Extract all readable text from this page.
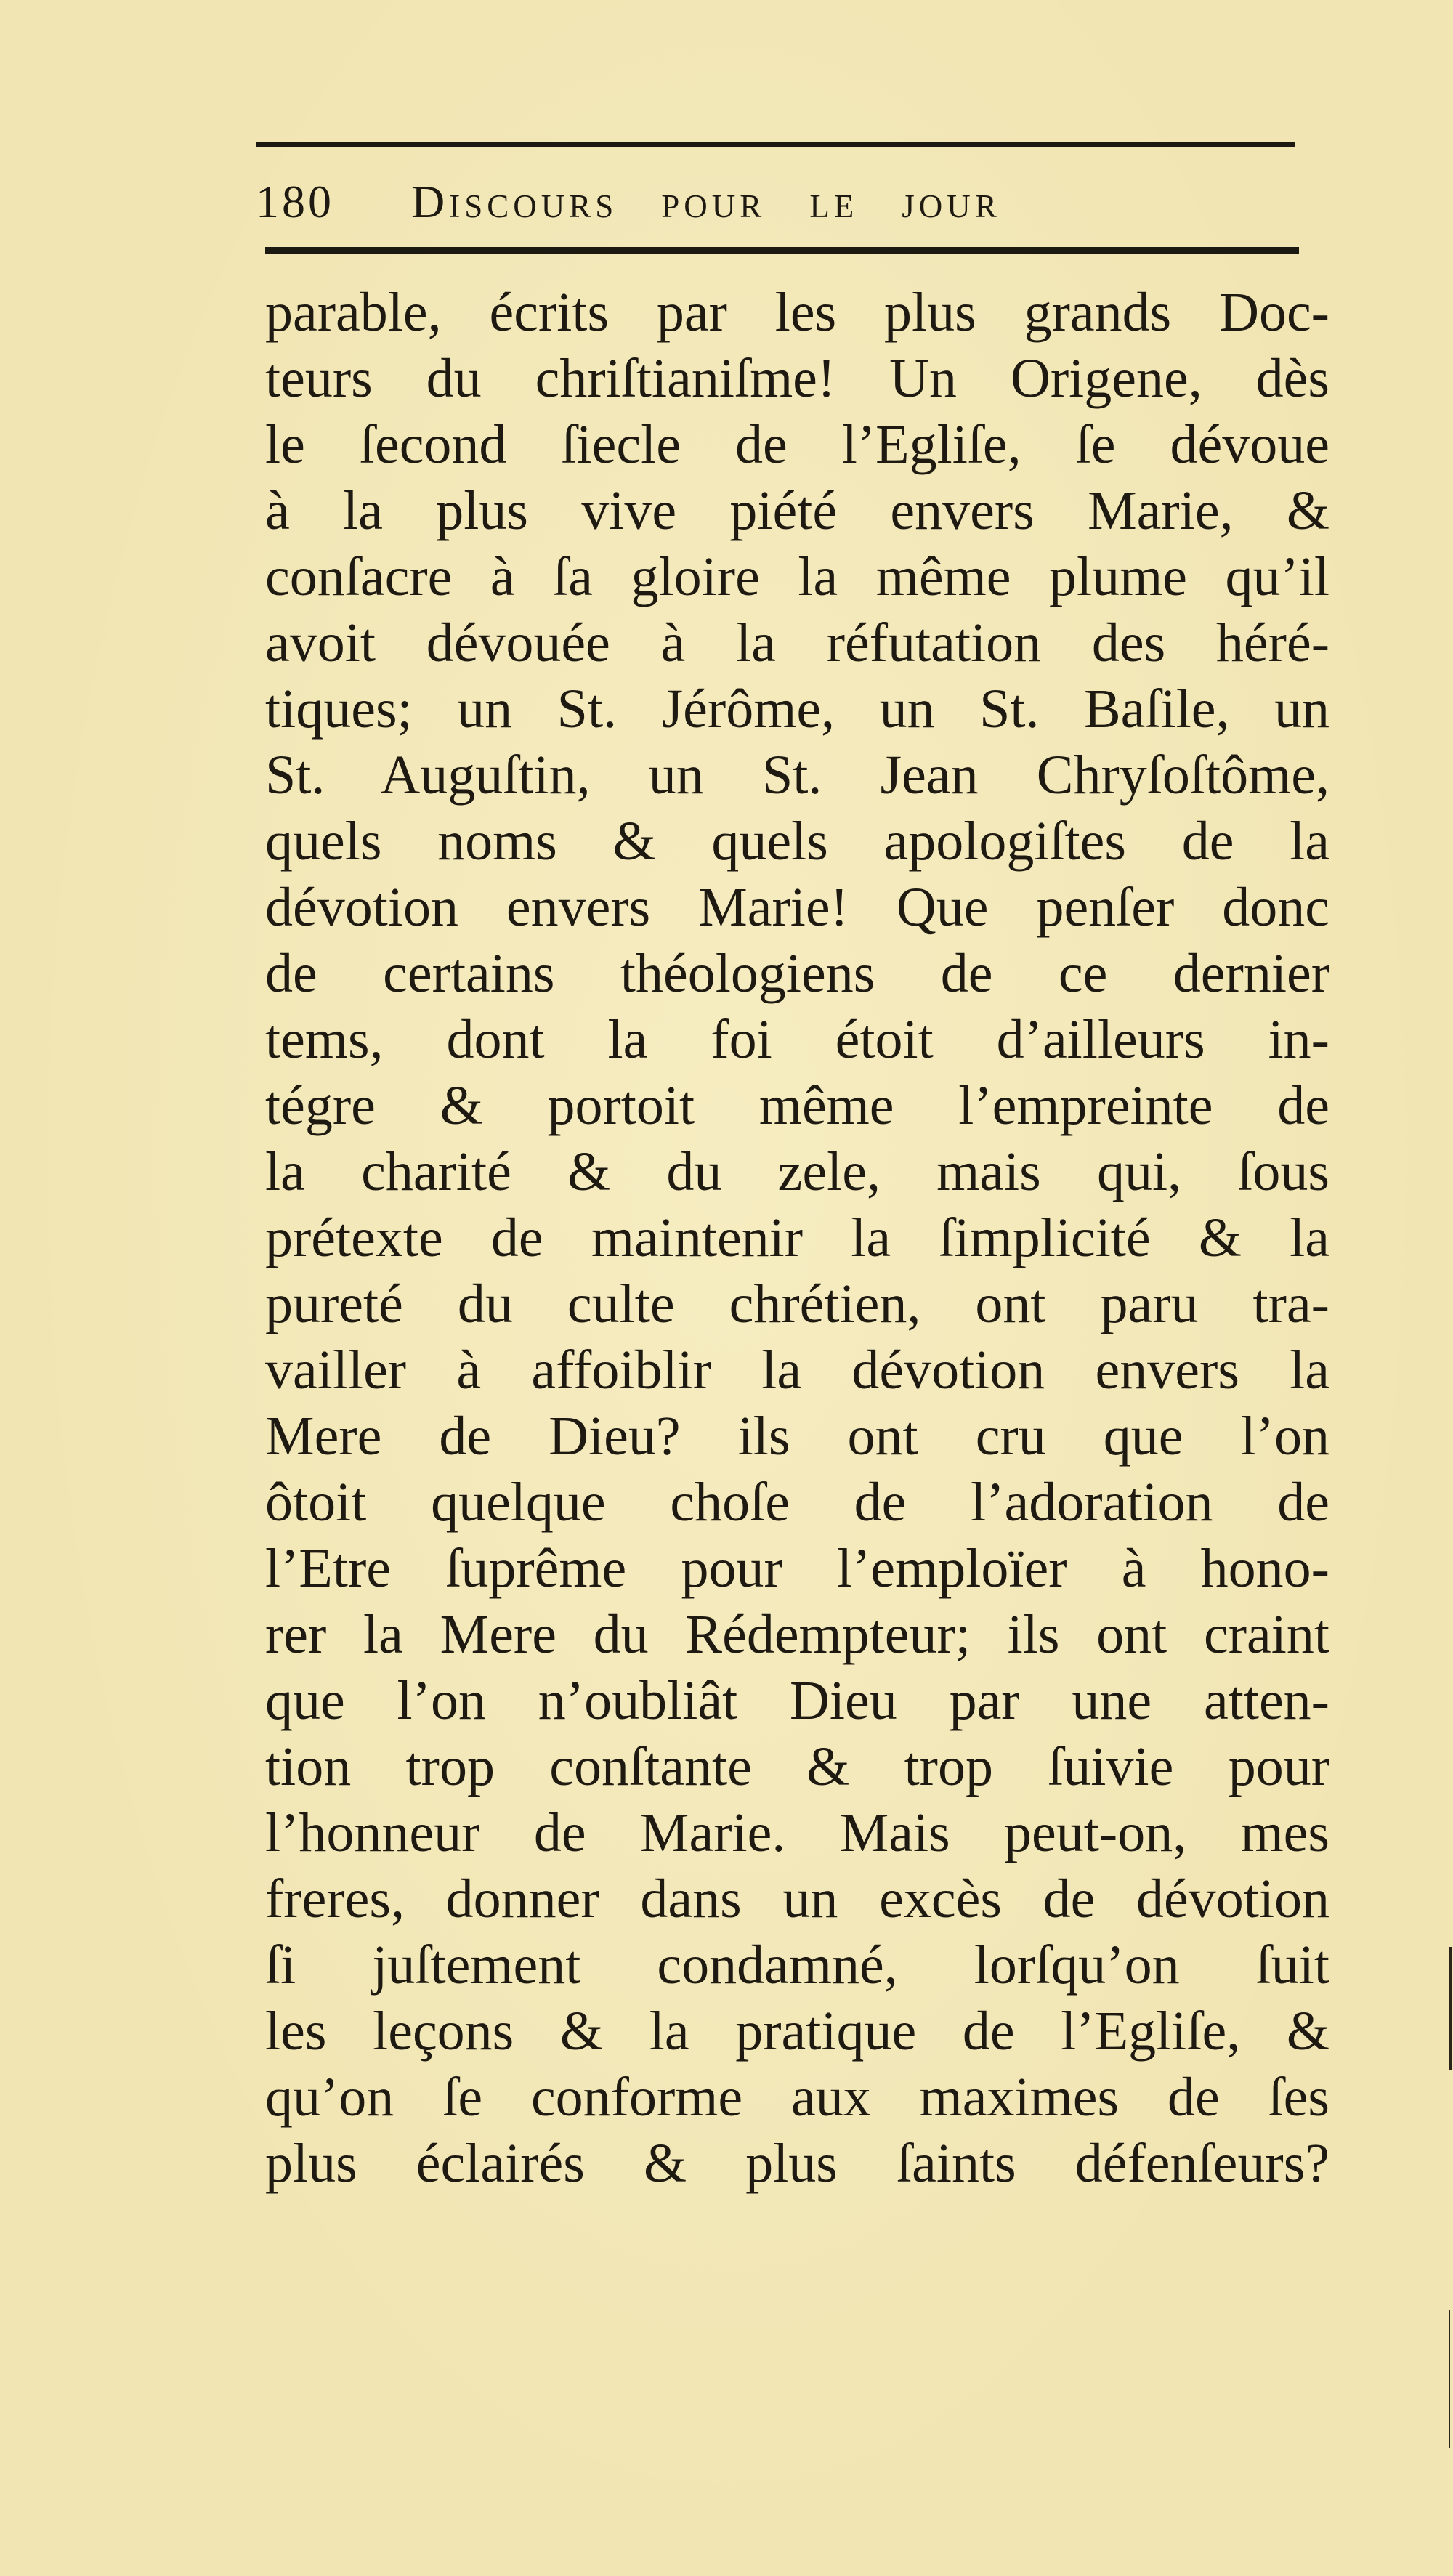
180 Discours pour le jour
parable, écrits par les plus grands Doc-
teurs du chriſtianiſme! Un Origene, dès
le ſecond ſiecle de l’Egliſe, ſe dévoue
à la plus vive piété envers Marie, &
conſacre à ſa gloire la même plume qu’il
avoit dévouée à la réfutation des héré-
tiques; un St. Jérôme, un St. Baſile, un
St. Auguſtin, un St. Jean Chryſoſtôme,
quels noms & quels apologiſtes de la
dévotion envers Marie! Que penſer donc
de certains théologiens de ce dernier
tems, dont la foi étoit d’ailleurs in-
tégre & portoit même l’empreinte de
la charité & du zele, mais qui, ſous
prétexte de maintenir la ſimplicité & la
pureté du culte chrétien, ont paru tra-
vailler à affoiblir la dévotion envers la
Mere de Dieu? ils ont cru que l’on
ôtoit quelque choſe de l’adoration de
l’Etre ſuprême pour l’emploïer à hono-
rer la Mere du Rédempteur; ils ont craint
que l’on n’oubliât Dieu par une atten-
tion trop conſtante & trop ſuivie pour
l’honneur de Marie. Mais peut-on, mes
freres, donner dans un excès de dévotion
ſi juſtement condamné, lorſqu’on ſuit
les leçons & la pratique de l’Egliſe, &
qu’on ſe conforme aux maximes de ſes
plus éclairés & plus ſaints défenſeurs?
